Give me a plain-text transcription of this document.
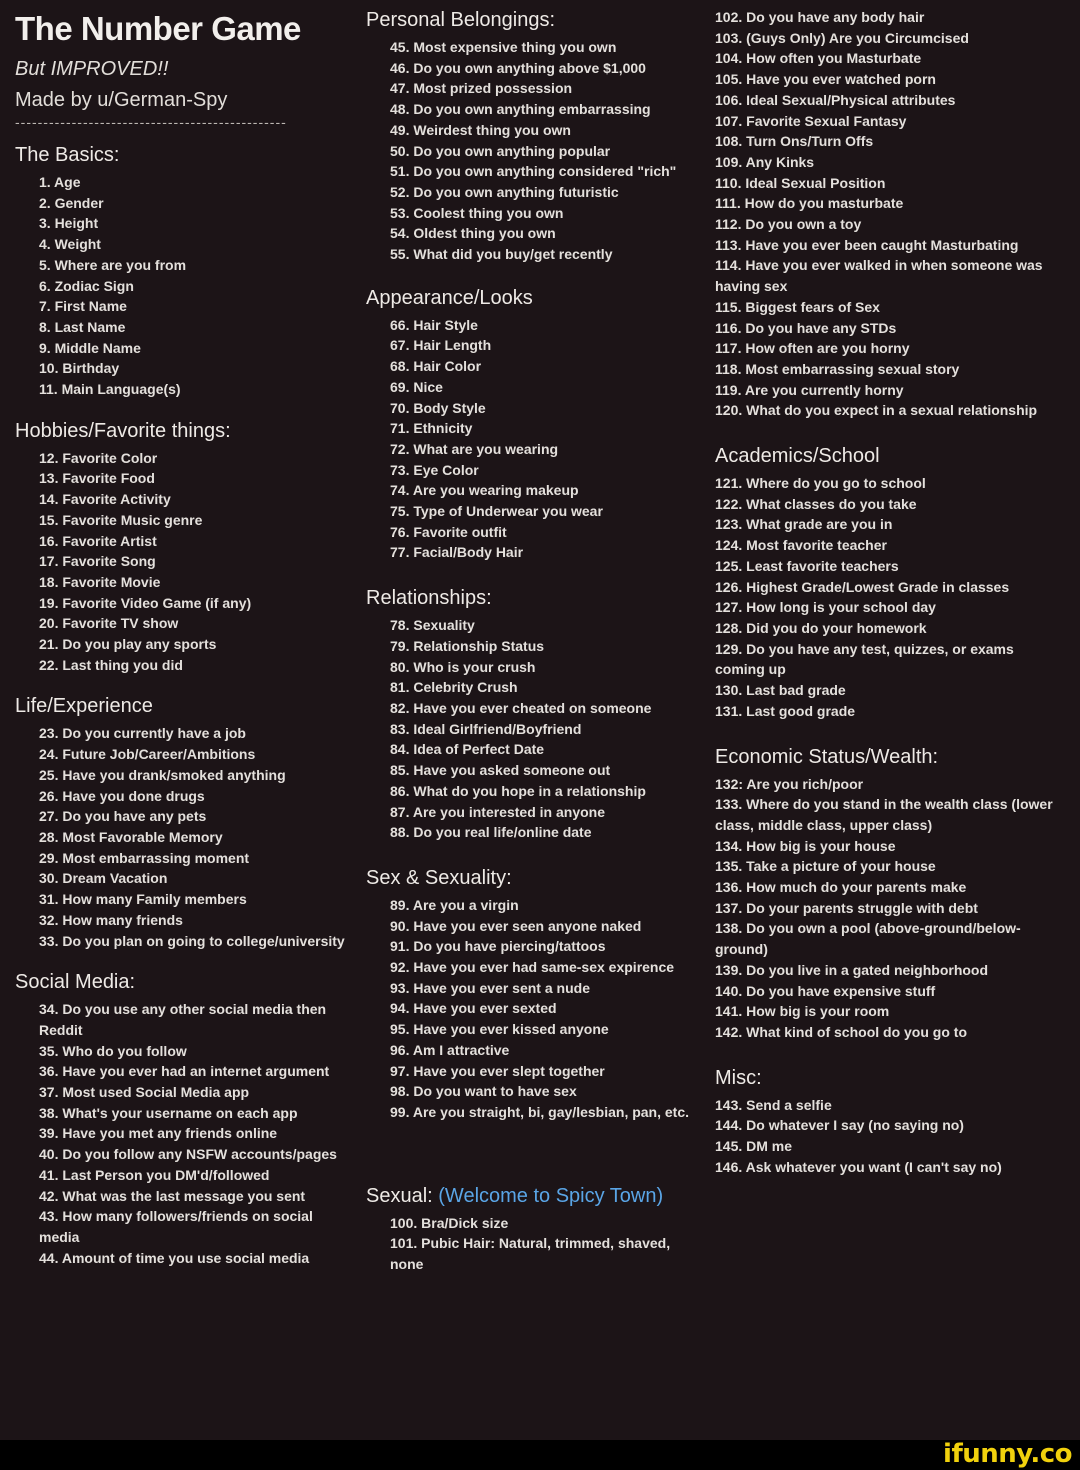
The Number Game
But IMPROVED!!
Made by u/German-Spy
------------------------------------------------
The Basics:
1. Age
2. Gender
3. Height
4. Weight
5. Where are you from
6. Zodiac Sign
7. First Name
8. Last Name
9. Middle Name
10. Birthday
11. Main Language(s)
Hobbies/Favorite things:
12. Favorite Color
13. Favorite Food
14. Favorite Activity
15. Favorite Music genre
16. Favorite Artist
17. Favorite Song
18. Favorite Movie
19. Favorite Video Game (if any)
20. Favorite TV show
21. Do you play any sports
22. Last thing you did
Life/Experience
23. Do you currently have a job
24. Future Job/Career/Ambitions
25. Have you drank/smoked anything
26. Have you done drugs
27. Do you have any pets
28. Most Favorable Memory
29. Most embarrassing moment
30. Dream Vacation
31. How many Family members
32. How many friends
33. Do you plan on going to college/university
Social Media:
34. Do you use any other social media then Reddit
35. Who do you follow
36. Have you ever had an internet argument
37. Most used Social Media app
38. What's your username on each app
39. Have you met any friends online
40. Do you follow any NSFW accounts/pages
41. Last Person you DM'd/followed
42. What was the last message you sent
43. How many followers/friends on social media
44. Amount of time you use social media
Personal Belongings:
45. Most expensive thing you own
46. Do you own anything above $1,000
47. Most prized possession
48. Do you own anything embarrassing
49. Weirdest thing you own
50. Do you own anything popular
51. Do you own anything considered "rich"
52. Do you own anything futuristic
53. Coolest thing you own
54. Oldest thing you own
55. What did you buy/get recently
Appearance/Looks
66. Hair Style
67. Hair Length
68. Hair Color
69. Nice
70. Body Style
71. Ethnicity
72. What are you wearing
73. Eye Color
74. Are you wearing makeup
75. Type of Underwear you wear
76. Favorite outfit
77. Facial/Body Hair
Relationships:
78. Sexuality
79. Relationship Status
80. Who is your crush
81. Celebrity Crush
82. Have you ever cheated on someone
83. Ideal Girlfriend/Boyfriend
84. Idea of Perfect Date
85. Have you asked someone out
86. What do you hope in a relationship
87. Are you interested in anyone
88. Do you real life/online date
Sex & Sexuality:
89. Are you a virgin
90. Have you ever seen anyone naked
91. Do you have piercing/tattoos
92. Have you ever had same-sex expirence
93. Have you ever sent a nude
94. Have you ever sexted
95. Have you ever kissed anyone
96. Am I attractive
97. Have you ever slept together
98. Do you want to have sex
99. Are you straight, bi, gay/lesbian, pan, etc.
Sexual: (Welcome to Spicy Town)
100. Bra/Dick size
101. Pubic Hair: Natural, trimmed, shaved, none
102. Do you have any body hair
103. (Guys Only) Are you Circumcised
104. How often you Masturbate
105. Have you ever watched porn
106. Ideal Sexual/Physical attributes
107. Favorite Sexual Fantasy
108. Turn Ons/Turn Offs
109. Any Kinks
110. Ideal Sexual Position
111. How do you masturbate
112. Do you own a toy
113. Have you ever been caught Masturbating
114. Have you ever walked in when someone was having sex
115. Biggest fears of Sex
116. Do you have any STDs
117. How often are you horny
118. Most embarrassing sexual story
119. Are you currently horny
120. What do you expect in a sexual relationship
Academics/School
121. Where do you go to school
122. What classes do you take
123. What grade are you in
124. Most favorite teacher
125. Least favorite teachers
126. Highest Grade/Lowest Grade in classes
127. How long is your school day
128. Did you do your homework
129. Do you have any test, quizzes, or exams coming up
130. Last bad grade
131. Last good grade
Economic Status/Wealth:
132: Are you rich/poor
133. Where do you stand in the wealth class (lower class, middle class, upper class)
134. How big is your house
135. Take a picture of your house
136. How much do your parents make
137. Do your parents struggle with debt
138. Do you own a pool (above-ground/below-ground)
139. Do you live in a gated neighborhood
140. Do you have expensive stuff
141. How big is your room
142. What kind of school do you go to
Misc:
143. Send a selfie
144. Do whatever I say (no saying no)
145. DM me
146. Ask whatever you want (I can't say no)
ifunny.co
